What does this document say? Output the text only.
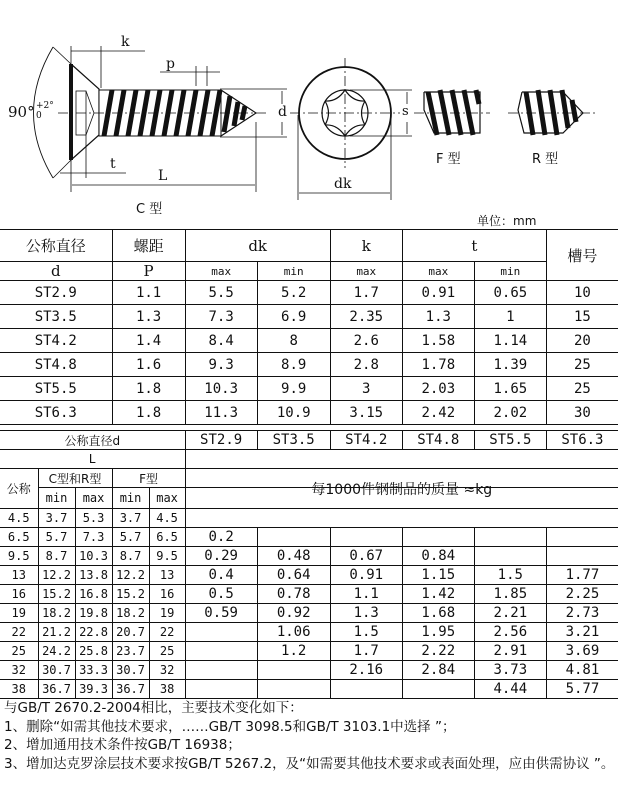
k
p
d
t
L
90° +2°
0
C 型
s
dk
F 型	R 型
单位：mm
公称直径	螺距	dk		k	t		槽号
d	P	max	min	max	max	min	
ST2.9	1.1	5.5	5.2	1.7	0.91	0.65	10
ST3.5	1.3	7.3	6.9	2.35	1.3	1	15
ST4.2	1.4	8.4	8	2.6	1.58	1.14	20
ST4.8	1.6	9.3	8.9	2.8	1.78	1.39	25
ST5.5	1.8	10.3	9.9	3	2.03	1.65	25
ST6.3	1.8	11.3	10.9	3.15	2.42	2.02	30
公称直径d					ST2.9	ST3.5	ST4.2	ST4.8	ST5.5	ST6.3
L										
公称	C型和R型		F型							
	min	max	min	max	每1000件钢制品的质量 ≈kg					
4.5	3.7	5.3	3.7	4.5						
6.5	5.7	7.3	5.7	6.5	0.2					
9.5	8.7	10.3	8.7	9.5	0.29	0.48	0.67	0.84		
13	12.2	13.8	12.2	13	0.4	0.64	0.91	1.15	1.5	1.77
16	15.2	16.8	15.2	16	0.5	0.78	1.1	1.42	1.85	2.25
19	18.2	19.8	18.2	19	0.59	0.92	1.3	1.68	2.21	2.73
22	21.2	22.8	20.7	22		1.06	1.5	1.95	2.56	3.21
25	24.2	25.8	23.7	25		1.2	1.7	2.22	2.91	3.69
32	30.7	33.3	30.7	32			2.16	2.84	3.73	4.81
38	36.7	39.3	36.7	38					4.44	5.77
与GB/T 2670.2-2004相比，主要技术变化如下：
1、删除“如需其他技术要求，……GB/T 3098.5和GB/T 3103.1中选择 ”；
2、增加通用技术条件按GB/T 16938；
3、增加达克罗涂层技术要求按GB/T 5267.2，及“如需要其他技术要求或表面处理，应由供需协议 ”。
